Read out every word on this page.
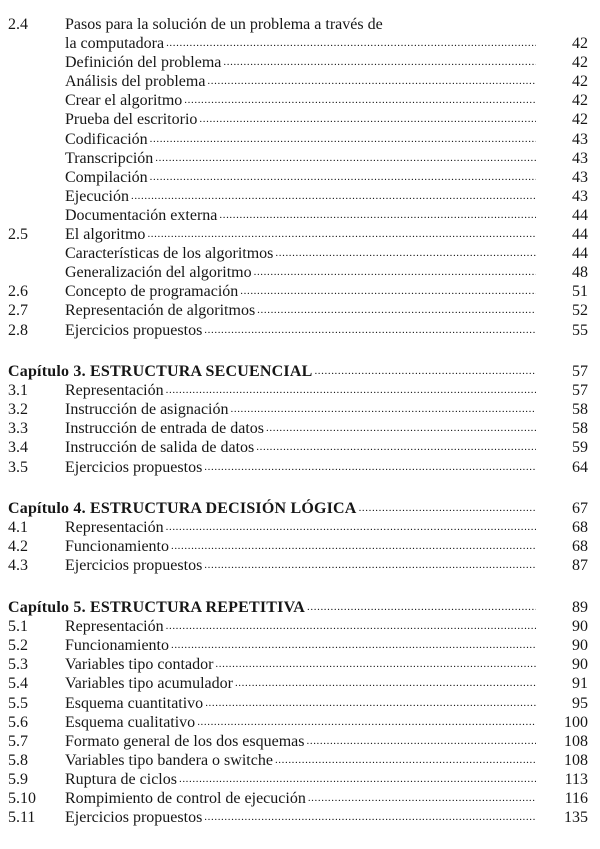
2.4	Pasos para la solución de un problema a través de
la computadora .....	42
Definición del problema .....	42
Análisis del problema .....	42
Crear el algoritmo .....	42
Prueba del escritorio .....	42
Codificación .....	43
Transcripción .....	43
Compilación .....	43
Ejecución .....	43
Documentación externa .....	44
2.5	El algoritmo .....	44
Características de los algoritmos .....	44
Generalización del algoritmo .....	48
2.6	Concepto de programación .....	51
2.7	Representación de algoritmos .....	52
2.8	Ejercicios propuestos .....	55
Capítulo 3. ESTRUCTURA SECUENCIAL .....	57
3.1	Representación .....	57
3.2	Instrucción de asignación .....	58
3.3	Instrucción de entrada de datos .....	58
3.4	Instrucción de salida de datos .....	59
3.5	Ejercicios propuestos .....	64
Capítulo 4. ESTRUCTURA DECISIÓN LÓGICA .....	67
4.1	Representación .....	68
4.2	Funcionamiento .....	68
4.3	Ejercicios propuestos .....	87
Capítulo 5. ESTRUCTURA REPETITIVA .....	89
5.1	Representación .....	90
5.2	Funcionamiento .....	90
5.3	Variables tipo contador .....	90
5.4	Variables tipo acumulador .....	91
5.5	Esquema cuantitativo .....	95
5.6	Esquema cualitativo .....	100
5.7	Formato general de los dos esquemas .....	108
5.8	Variables tipo bandera o switche .....	108
5.9	Ruptura de ciclos .....	113
5.10	Rompimiento de control de ejecución .....	116
5.11	Ejercicios propuestos .....	135
